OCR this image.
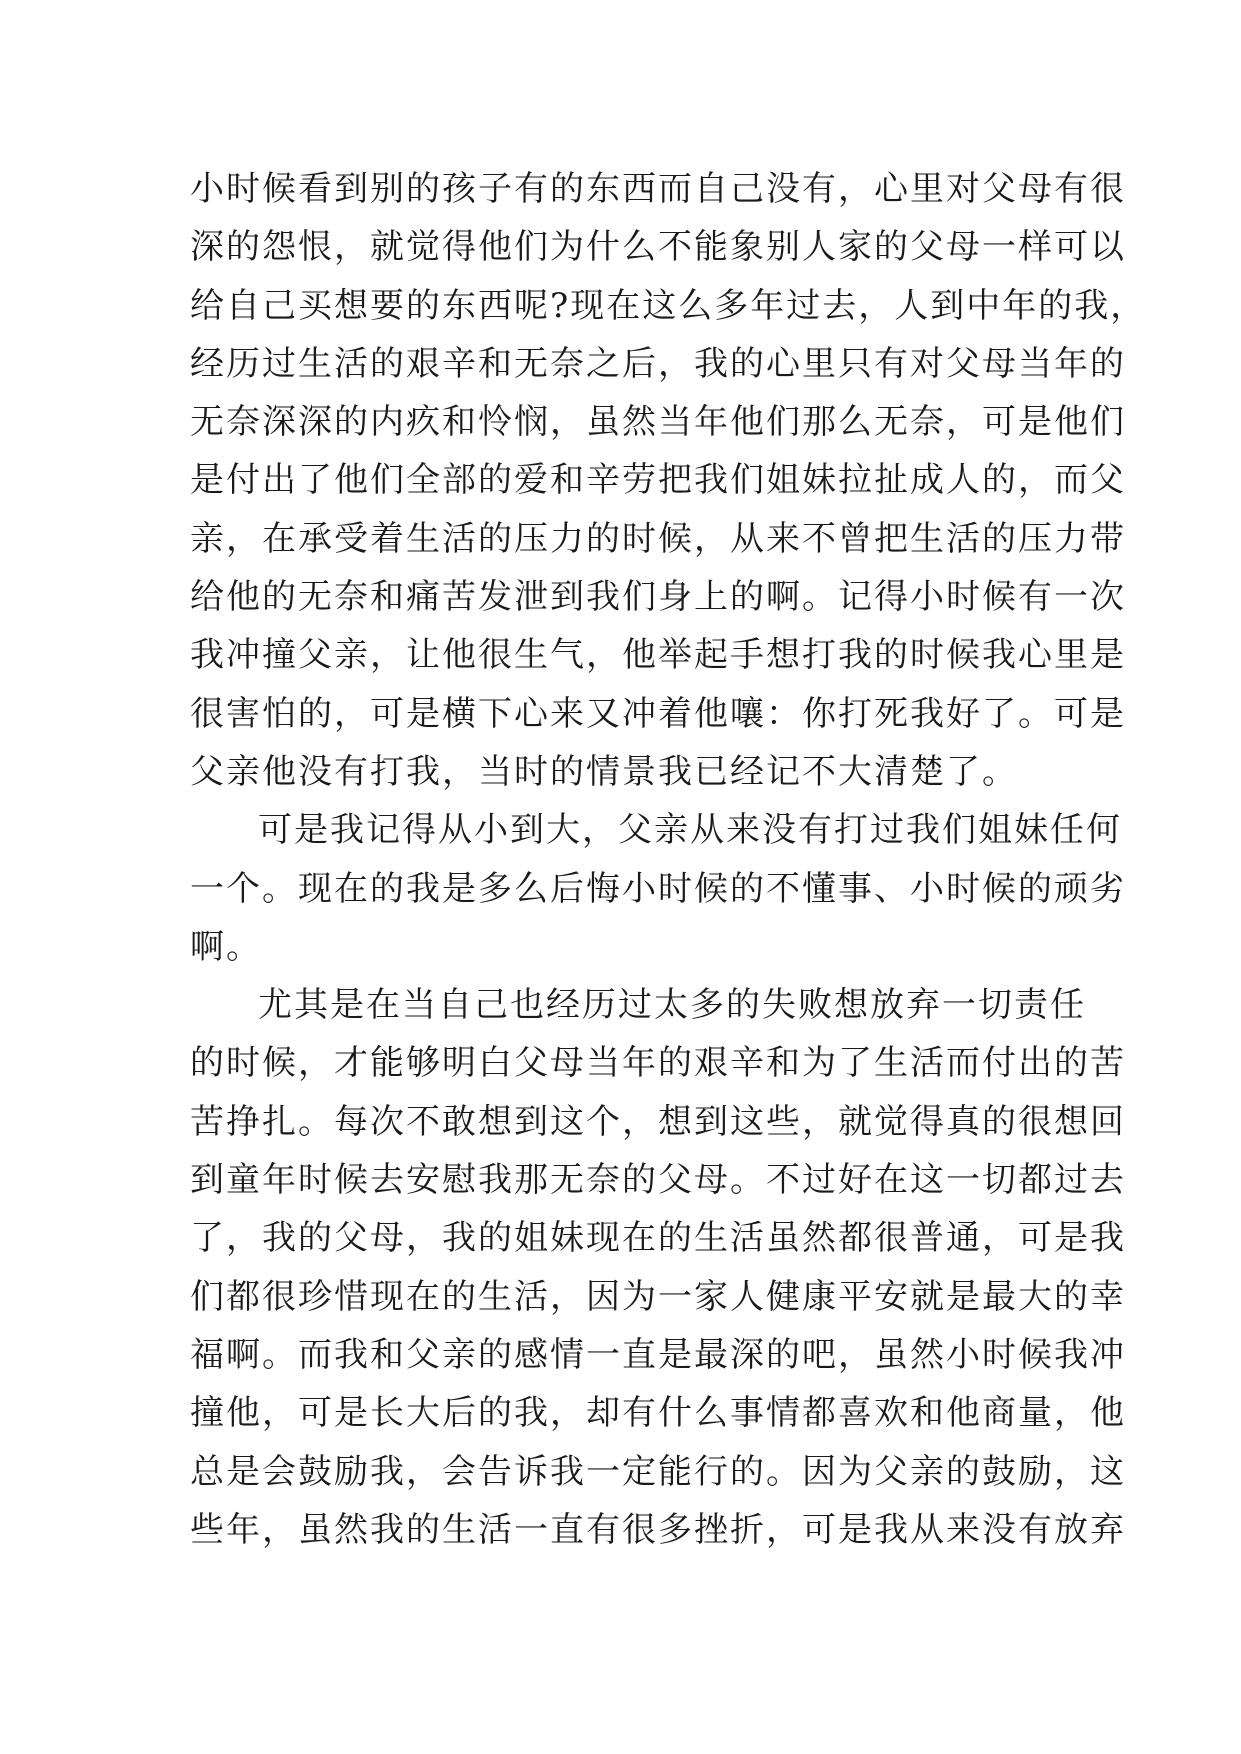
小时候看到别的孩子有的东西而自己没有，心里对父母有很
深的怨恨，就觉得他们为什么不能象别人家的父母一样可以
给自己买想要的东西呢?现在这么多年过去，人到中年的我，
经历过生活的艰辛和无奈之后，我的心里只有对父母当年的
无奈深深的内疚和怜悯，虽然当年他们那么无奈，可是他们
是付出了他们全部的爱和辛劳把我们姐妹拉扯成人的，而父
亲，在承受着生活的压力的时候，从来不曾把生活的压力带
给他的无奈和痛苦发泄到我们身上的啊。记得小时候有一次
我冲撞父亲，让他很生气，他举起手想打我的时候我心里是
很害怕的，可是横下心来又冲着他嚷：你打死我好了。可是
父亲他没有打我，当时的情景我已经记不大清楚了。
可是我记得从小到大，父亲从来没有打过我们姐妹任何
一个。现在的我是多么后悔小时候的不懂事、小时候的顽劣
啊。
尤其是在当自己也经历过太多的失败想放弃一切责任
的时候，才能够明白父母当年的艰辛和为了生活而付出的苦
苦挣扎。每次不敢想到这个，想到这些，就觉得真的很想回
到童年时候去安慰我那无奈的父母。不过好在这一切都过去
了，我的父母，我的姐妹现在的生活虽然都很普通，可是我
们都很珍惜现在的生活，因为一家人健康平安就是最大的幸
福啊。而我和父亲的感情一直是最深的吧，虽然小时候我冲
撞他，可是长大后的我，却有什么事情都喜欢和他商量，他
总是会鼓励我，会告诉我一定能行的。因为父亲的鼓励，这
些年，虽然我的生活一直有很多挫折，可是我从来没有放弃
